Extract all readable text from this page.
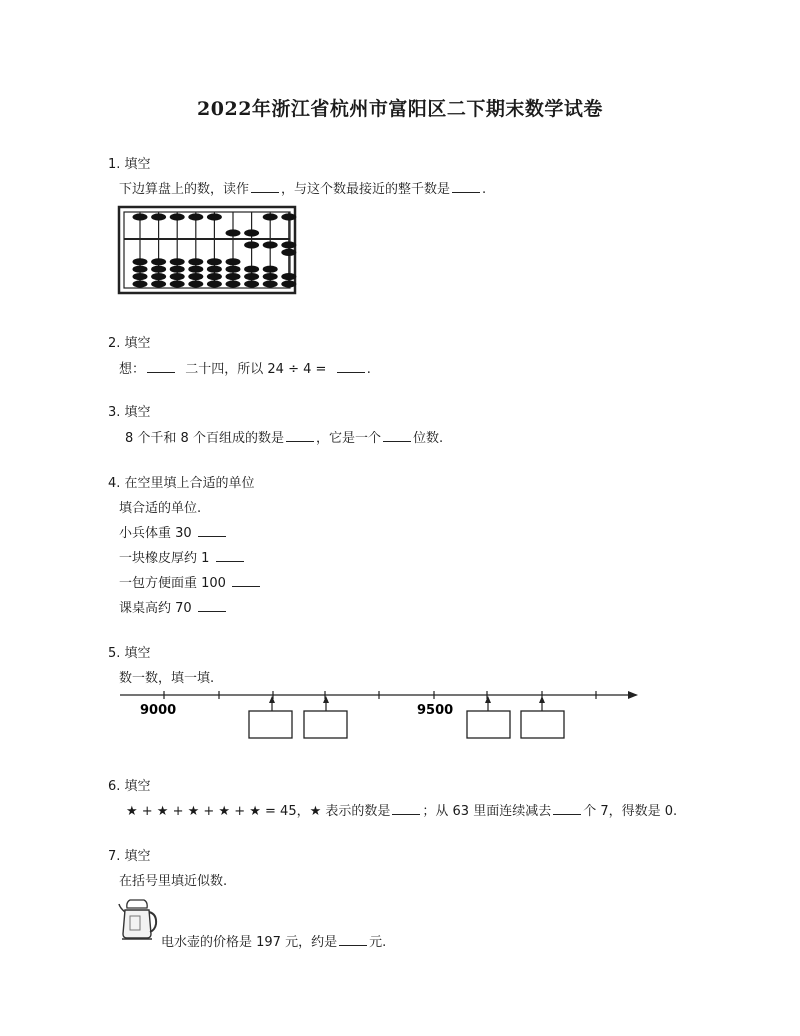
2022年浙江省杭州市富阳区二下期末数学试卷
1. 填空
下边算盘上的数，读作 ，与这个数最接近的整千数是 .
2. 填空
想：	二十四，所以 24 ÷ 4 =	.
3. 填空
8 个千和 8 个百组成的数是 ，它是一个 位数.
4. 在空里填上合适的单位
填合适的单位.
小兵体重 30
一块橡皮厚约 1
一包方便面重 100
课桌高约 70
5. 填空
数一数，填一填.
9000	9500
6. 填空
★ + ★ + ★ + ★ + ★ = 45，★ 表示的数是 ；从 63 里面连续减去 个 7，得数是 0.
7. 填空
在括号里填近似数.
电水壶的价格是 197 元，约是 元.
